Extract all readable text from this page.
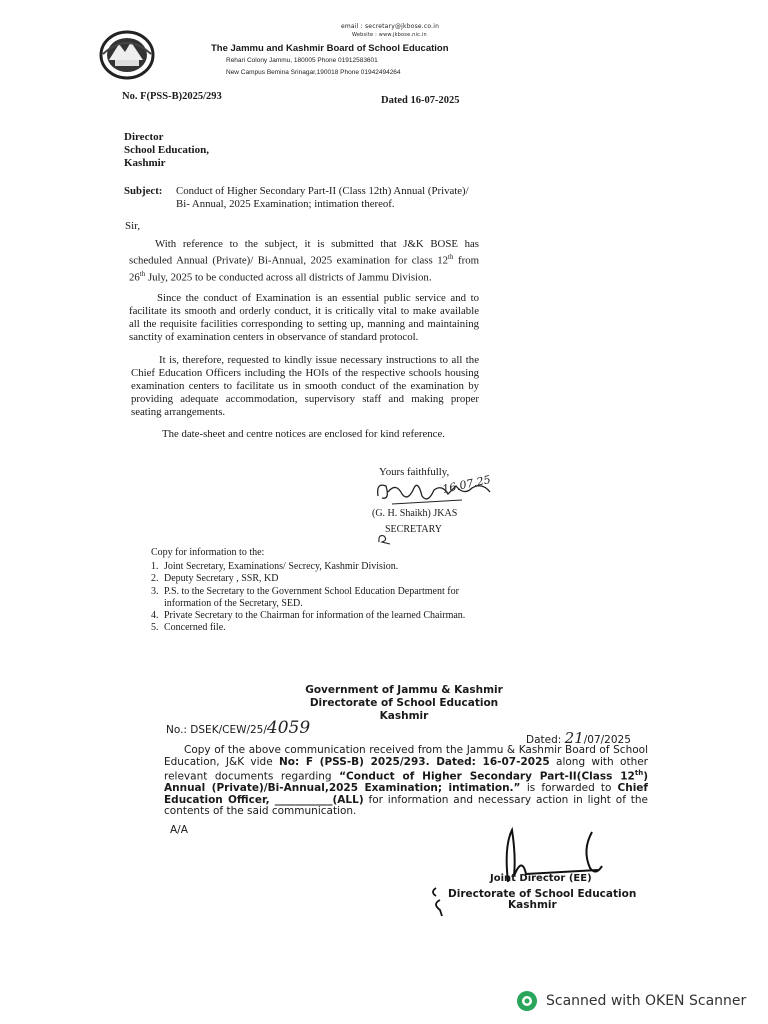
email : secretary@jkbose.co.in
Website : www.jkbose.nic.in
The Jammu and Kashmir Board of School Education
Rehari Colony Jammu, 180005 Phone 01912583601
New Campus Bemina Srinagar,190018 Phone 01942494264
No. F(PSS-B)2025/293	Dated 16-07-2025
Director
School Education,
Kashmir
Subject: Conduct of Higher Secondary Part-II (Class 12th) Annual (Private)/
Bi- Annual, 2025 Examination; intimation thereof.
Sir,
With reference to the subject, it is submitted that J&K BOSE has scheduled Annual (Private)/ Bi-Annual, 2025 examination for class 12th from 26th July, 2025 to be conducted across all districts of Jammu Division.
Since the conduct of Examination is an essential public service and to facilitate its smooth and orderly conduct, it is critically vital to make available all the requisite facilities corresponding to setting up, manning and maintaining sanctity of examination centers in observance of standard protocol.
It is, therefore, requested to kindly issue necessary instructions to all the Chief Education Officers including the HOIs of the respective schools housing examination centers to facilitate us in smooth conduct of the examination by providing adequate accommodation, supervisory staff and making proper seating arrangements.
The date-sheet and centre notices are enclosed for kind reference.
Yours faithfully,
16.07.25
(G. H. Shaikh) JKAS
SECRETARY
Copy for information to the:
1. Joint Secretary, Examinations/ Secrecy, Kashmir Division.
2. Deputy Secretary , SSR, KD
3. P.S. to the Secretary to the Government School Education Department for information of the Secretary, SED.
4. Private Secretary to the Chairman for information of the learned Chairman.
5. Concerned file.
Government of Jammu & Kashmir
Directorate of School Education
Kashmir
No.: DSEK/CEW/25/4059
Dated: 21/07/2025
Copy of the above communication received from the Jammu & Kashmir Board of School Education, J&K vide No: F (PSS-B) 2025/293. Dated: 16-07-2025 along with other relevant documents regarding “Conduct of Higher Secondary Part-II(Class 12th) Annual (Private)/Bi-Annual,2025 Examination; intimation.” is forwarded to Chief Education Officer, ___________(ALL) for information and necessary action in light of the contents of the said communication.
A/A
Joint Director (EE)
Directorate of School Education
Kashmir
Scanned with OKEN Scanner
